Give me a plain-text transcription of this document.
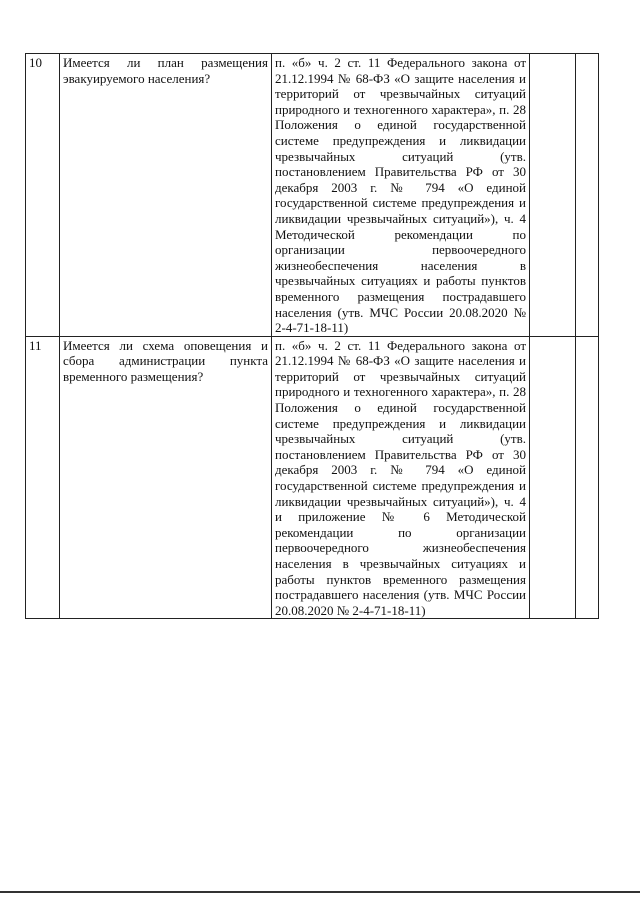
10	Имеется ли план размещения эвакуируемого населения?	п. «б» ч. 2 ст. 11 Федерального закона от 21.12.1994 № 68-ФЗ «О защите населения и территорий от чрезвычайных ситуаций природного и техногенного характера», п. 28 Положения о единой государственной системе предупреждения и ликвидации чрезвычайных ситуаций (утв. постановлением Правительства РФ от 30 декабря 2003 г. № 794 «О единой государственной системе предупреждения и ликвидации чрезвычайных ситуаций»), ч. 4 Методической рекомендации по организации первоочередного жизнеобеспечения населения в чрезвычайных ситуациях и работы пунктов временного размещения пострадавшего населения (утв. МЧС России 20.08.2020 № 2-4-71-18-11)		
11	Имеется ли схема оповещения и сбора администрации пункта временного размещения?	п. «б» ч. 2 ст. 11 Федерального закона от 21.12.1994 № 68-ФЗ «О защите населения и территорий от чрезвычайных ситуаций природного и техногенного характера», п. 28 Положения о единой государственной системе предупреждения и ликвидации чрезвычайных ситуаций (утв. постановлением Правительства РФ от 30 декабря 2003 г. № 794 «О единой государственной системе предупреждения и ликвидации чрезвычайных ситуаций»), ч. 4 и приложение № 6 Методической рекомендации по организации первоочередного жизнеобеспечения населения в чрезвычайных ситуациях и работы пунктов временного размещения пострадавшего населения (утв. МЧС России 20.08.2020 № 2-4-71-18-11)		
